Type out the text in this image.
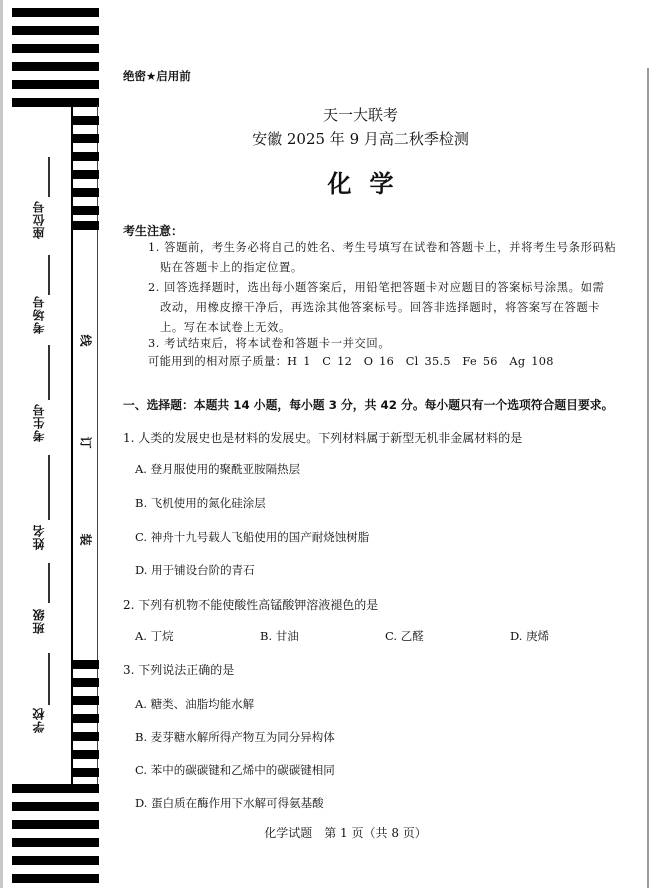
座位号
考场号
考生号
姓名
班级
学校
线
订
装
绝密★启用前
天一大联考
安徽 2025 年 9 月高二秋季检测
化学
考生注意：
1. 答题前，考生务必将自己的姓名、考生号填写在试卷和答题卡上，并将考生号条形码粘
贴在答题卡上的指定位置。
2. 回答选择题时，选出每小题答案后，用铅笔把答题卡对应题目的答案标号涂黑。如需
改动，用橡皮擦干净后，再选涂其他答案标号。回答非选择题时，将答案写在答题卡
上。写在本试卷上无效。
3. 考试结束后，将本试卷和答题卡一并交回。
可能用到的相对原子质量：H 1　C 12　O 16　Cl 35.5　Fe 56　Ag 108
一、选择题：本题共 14 小题，每小题 3 分，共 42 分。每小题只有一个选项符合题目要求。
1. 人类的发展史也是材料的发展史。下列材料属于新型无机非金属材料的是
A. 登月服使用的聚酰亚胺隔热层
B. 飞机使用的氮化硅涂层
C. 神舟十九号载人飞船使用的国产耐烧蚀树脂
D. 用于铺设台阶的青石
2. 下列有机物不能使酸性高锰酸钾溶液褪色的是
A. 丁烷	B. 甘油	C. 乙醛	D. 庚烯
3. 下列说法正确的是
A. 糖类、油脂均能水解
B. 麦芽糖水解所得产物互为同分异构体
C. 苯中的碳碳键和乙烯中的碳碳键相同
D. 蛋白质在酶作用下水解可得氨基酸
化学试题　第 1 页（共 8 页）
